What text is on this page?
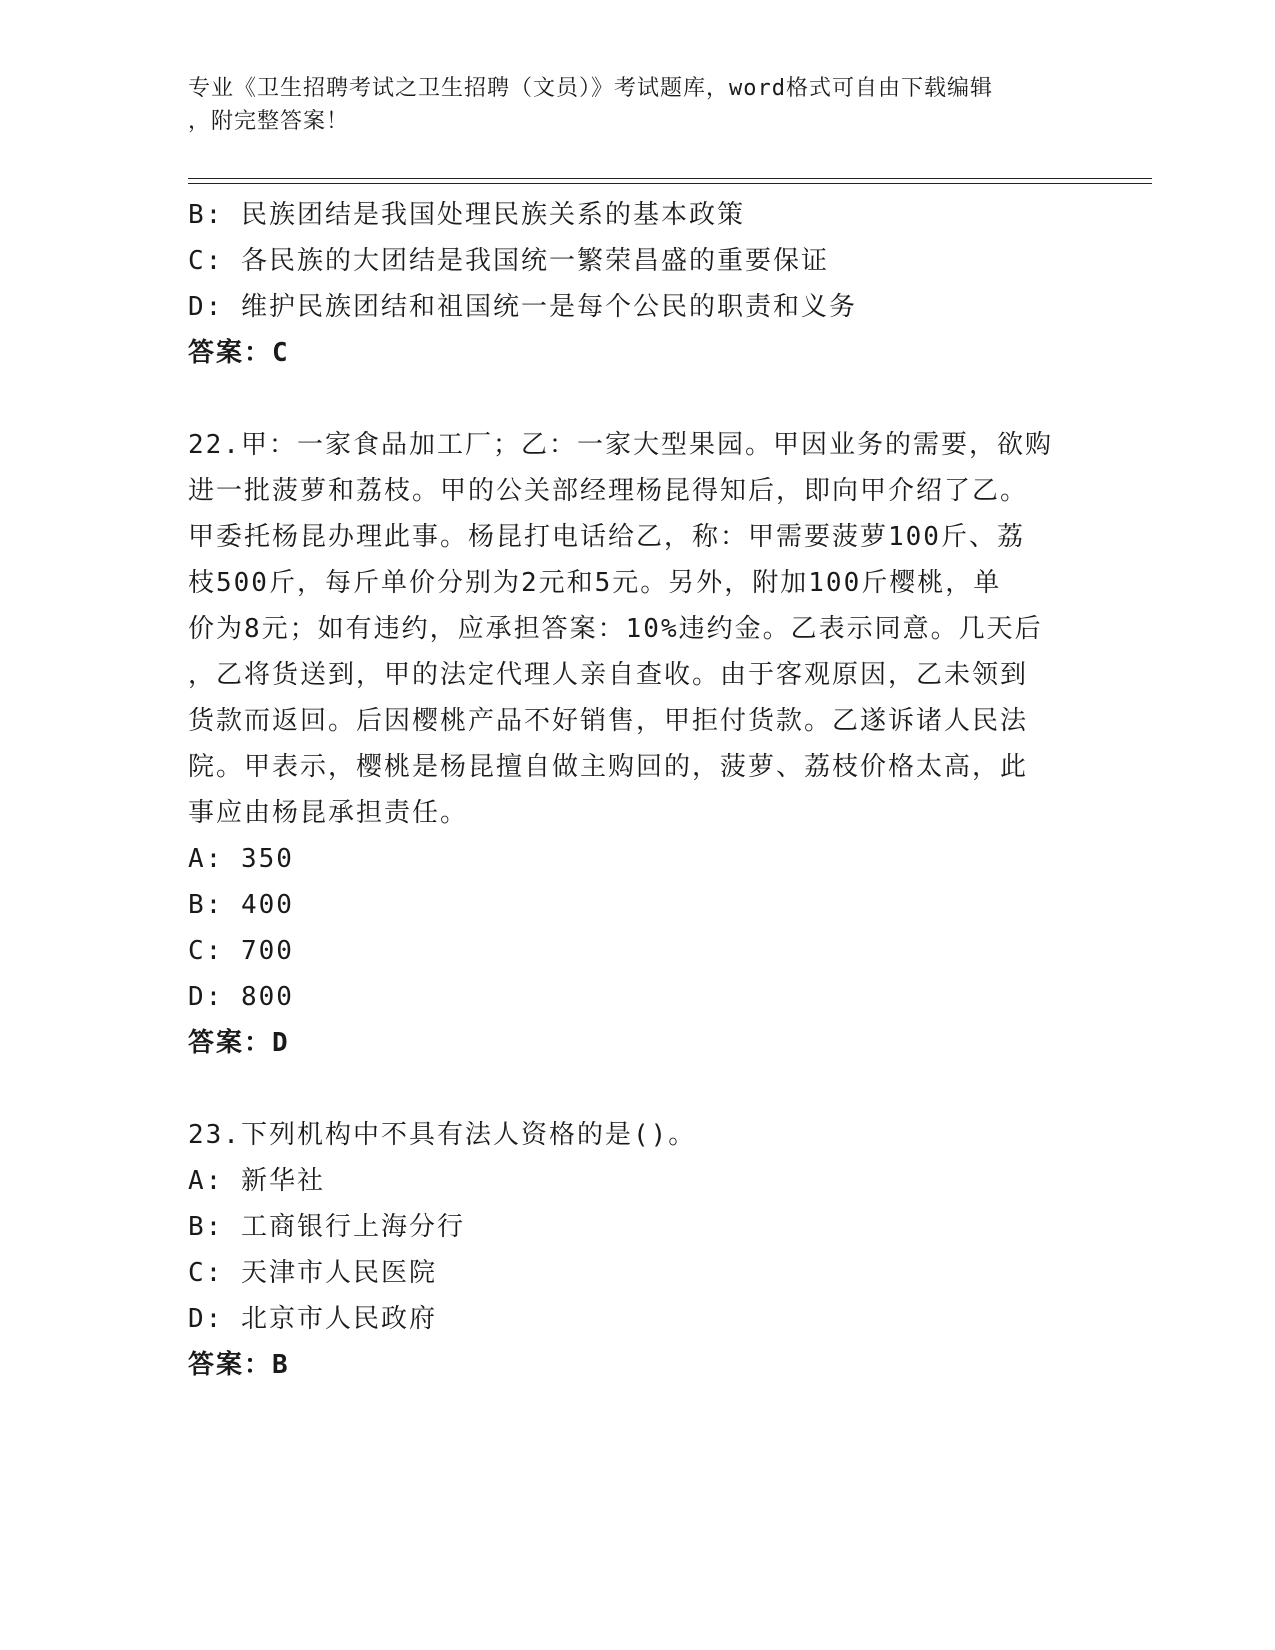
专业《卫生招聘考试之卫生招聘（文员）》考试题库，word格式可自由下载编辑
，附完整答案！
B: 民族团结是我国处理民族关系的基本政策
C: 各民族的大团结是我国统一繁荣昌盛的重要保证
D: 维护民族团结和祖国统一是每个公民的职责和义务
答案：C
22.甲：一家食品加工厂；乙：一家大型果园。甲因业务的需要，欲购
进一批菠萝和荔枝。甲的公关部经理杨昆得知后，即向甲介绍了乙。
甲委托杨昆办理此事。杨昆打电话给乙，称：甲需要菠萝100斤、荔
枝500斤，每斤单价分别为2元和5元。另外，附加100斤樱桃，单
价为8元；如有违约，应承担答案：10%违约金。乙表示同意。几天后
，乙将货送到，甲的法定代理人亲自查收。由于客观原因，乙未领到
货款而返回。后因樱桃产品不好销售，甲拒付货款。乙遂诉诸人民法
院。甲表示，樱桃是杨昆擅自做主购回的，菠萝、荔枝价格太高，此
事应由杨昆承担责任。
A: 350
B: 400
C: 700
D: 800
答案：D
23.下列机构中不具有法人资格的是()。
A: 新华社
B: 工商银行上海分行
C: 天津市人民医院
D: 北京市人民政府
答案：B
